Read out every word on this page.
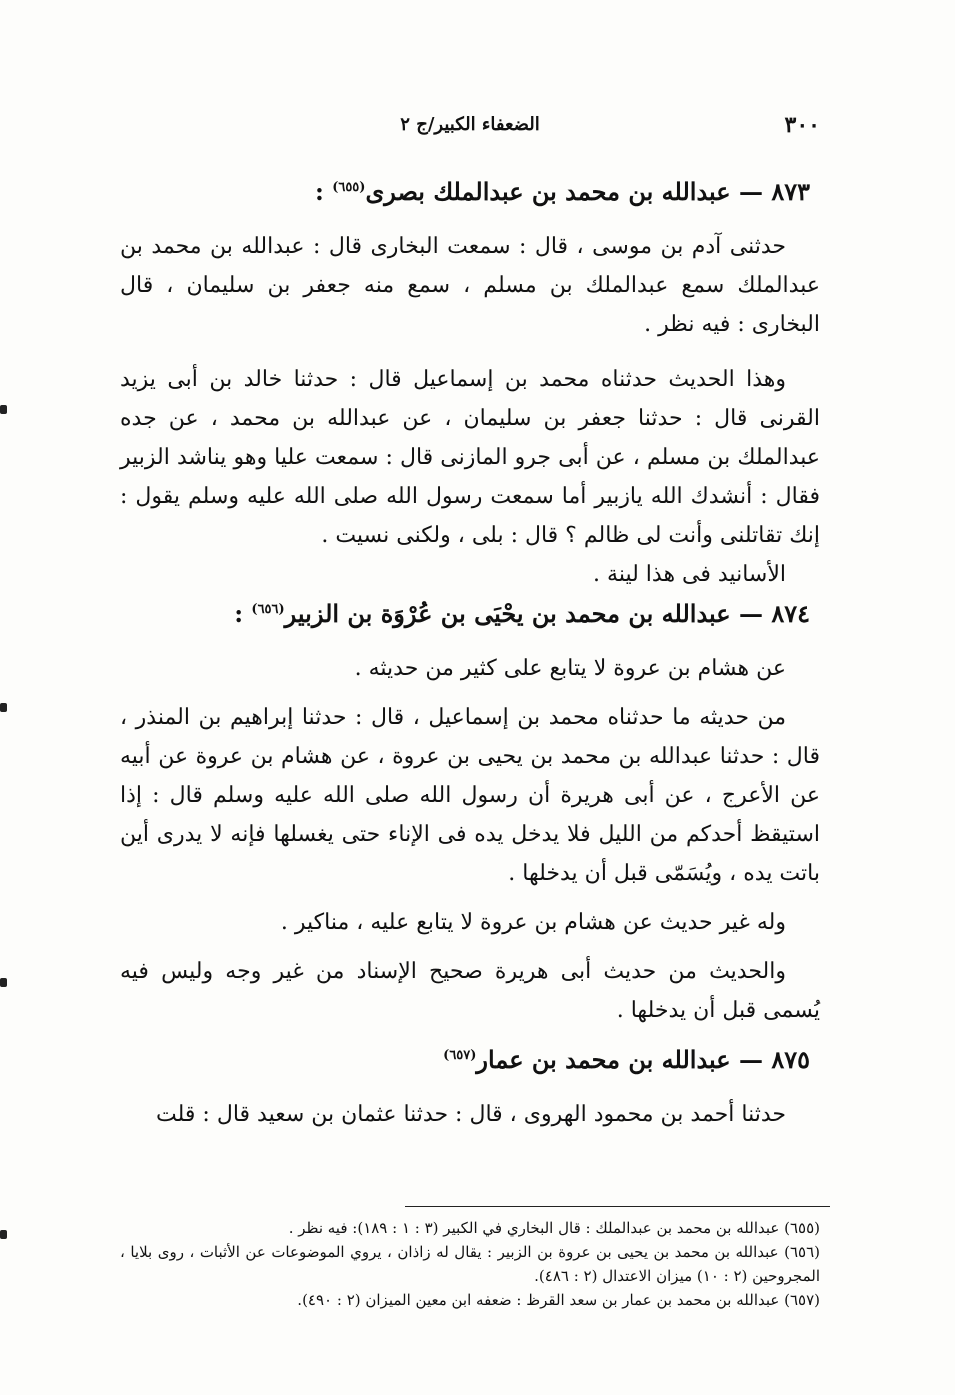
٣٠٠
الضعفاء الكبير/ج ٢

٨٧٣ — عبدالله بن محمد بن عبدالملك بصرى$^{(٦٥٥)}$ :

حدثنى آدم بن موسى ، قال : سمعت البخارى قال : عبدالله بن محمد بن عبدالملك سمع عبدالملك بن مسلم ، سمع منه جعفر بن سليمان ، قال البخارى : فيه نظر .

وهذا الحديث حدثناه محمد بن إسماعيل قال : حدثنا خالد بن أبى يزيد القرنى قال : حدثنا جعفر بن سليمان ، عن عبدالله بن محمد ، عن جده عبدالملك بن مسلم ، عن أبى جرو المازنى قال : سمعت عليا وهو يناشد الزبير فقال : أنشدك الله يازبير أما سمعت رسول الله صلى الله عليه وسلم يقول : إنك تقاتلنى وأنت لى ظالم ؟ قال : بلى ، ولكنى نسيت .

الأسانيد فى هذا لينة .

٨٧٤ — عبدالله بن محمد بن يحْيَى بن عُرْوَة بن الزبير$^{(٦٥٦)}$ :

عن هشام بن عروة لا يتابع على كثير من حديثه .

من حديثه ما حدثناه محمد بن إسماعيل ، قال : حدثنا إبراهيم بن المنذر ، قال : حدثنا عبدالله بن محمد بن يحيى بن عروة ، عن هشام بن عروة عن أبيه عن الأعرج ، عن أبى هريرة أن رسول الله صلى الله عليه وسلم قال : إذا استيقظ أحدكم من الليل فلا يدخل يده فى الإناء حتى يغسلها فإنه لا يدرى أين باتت يده ، ويُسَمّى قبل أن يدخلها .

وله غير حديث عن هشام بن عروة لا يتابع عليه ، مناكير .

والحديث من حديث أبى هريرة صحيح الإسناد من غير وجه وليس فيه يُسمى قبل أن يدخلها .

٨٧٥ — عبدالله بن محمد بن عمار$^{(٦٥٧)}$

حدثنا أحمد بن محمود الهروى ، قال : حدثنا عثمان بن سعيد قال : قلت

(٦٥٥) عبدالله بن محمد بن عبدالملك : قال البخاري في الكبير (٣ : ١ : ١٨٩): فيه نظر .

(٦٥٦) عبدالله بن محمد بن يحيى بن عروة بن الزبير : يقال له زاذان ، يروي الموضوعات عن الأثبات ، روى بلايا ، المجروحين (٢ : ١٠) ميزان الاعتدال (٢ : ٤٨٦).

(٦٥٧) عبدالله بن محمد بن عمار بن سعد القرظ : ضعفه ابن معين الميزان (٢ : ٤٩٠).
